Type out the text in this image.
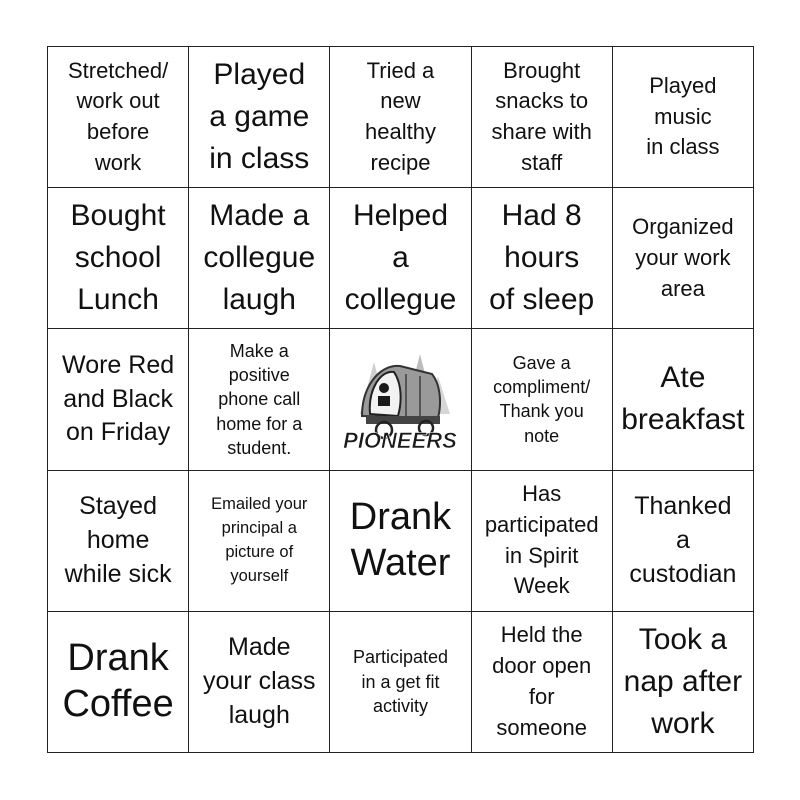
Stretched/
work out
before
work
Played
a game
in class
Tried a
new
healthy
recipe
Brought
snacks to
share with
staff
Played
music
in class
Bought
school
Lunch
Made a
collegue
laugh
Helped
a
collegue
Had 8
hours
of sleep
Organized
your work
area
Wore Red
and Black
on Friday
Make a
positive
phone call
home for a
student.	PIONEERS
Gave a
compliment/
Thank you
note
Ate
breakfast
Stayed
home
while sick
Emailed your
principal a
picture of
yourself
Drank
Water
Has
participated
in Spirit
Week
Thanked
a
custodian
Drank
Coffee
Made
your class
laugh
Participated
in a get fit
activity
Held the
door open
for
someone
Took a
nap after
work
